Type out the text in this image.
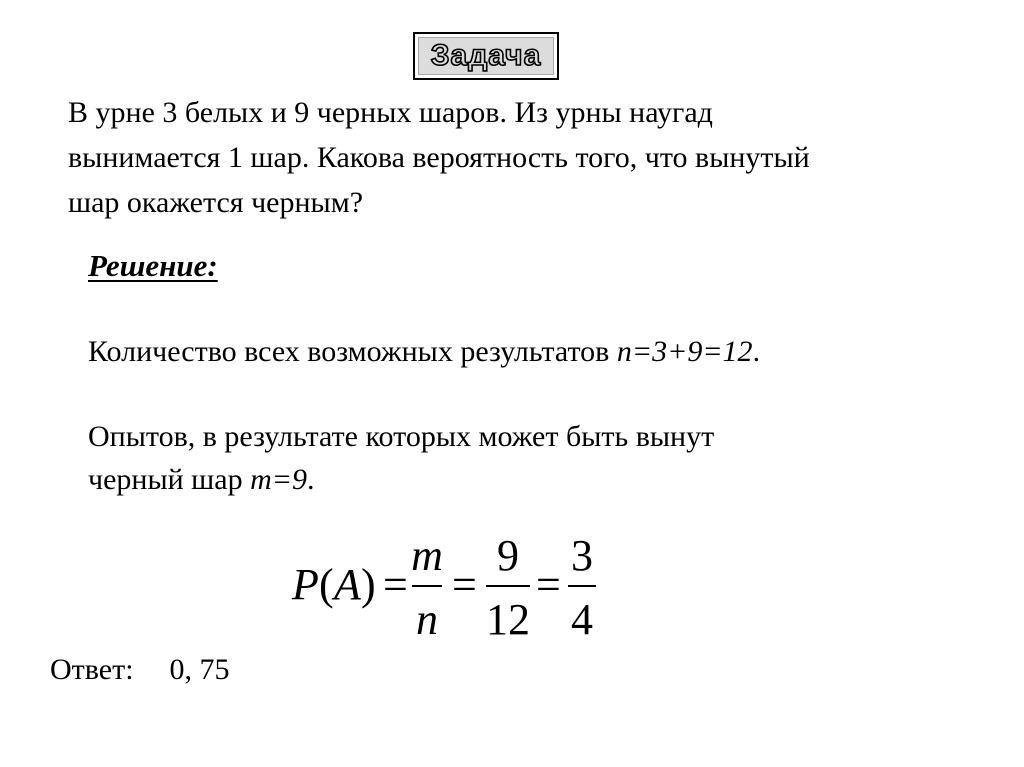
Задача
В урне 3 белых и 9 черных шаров. Из урны наугад
вынимается 1 шар. Какова вероятность того, что вынутый
шар окажется черным?
Решение:
Количество всех возможных результатов n=3+9=12.
Опытов, в результате которых может быть вынут
черный шар m=9.
P ( A ) =
m
n
=
9
12
=
3
4
Ответ: 0, 75
